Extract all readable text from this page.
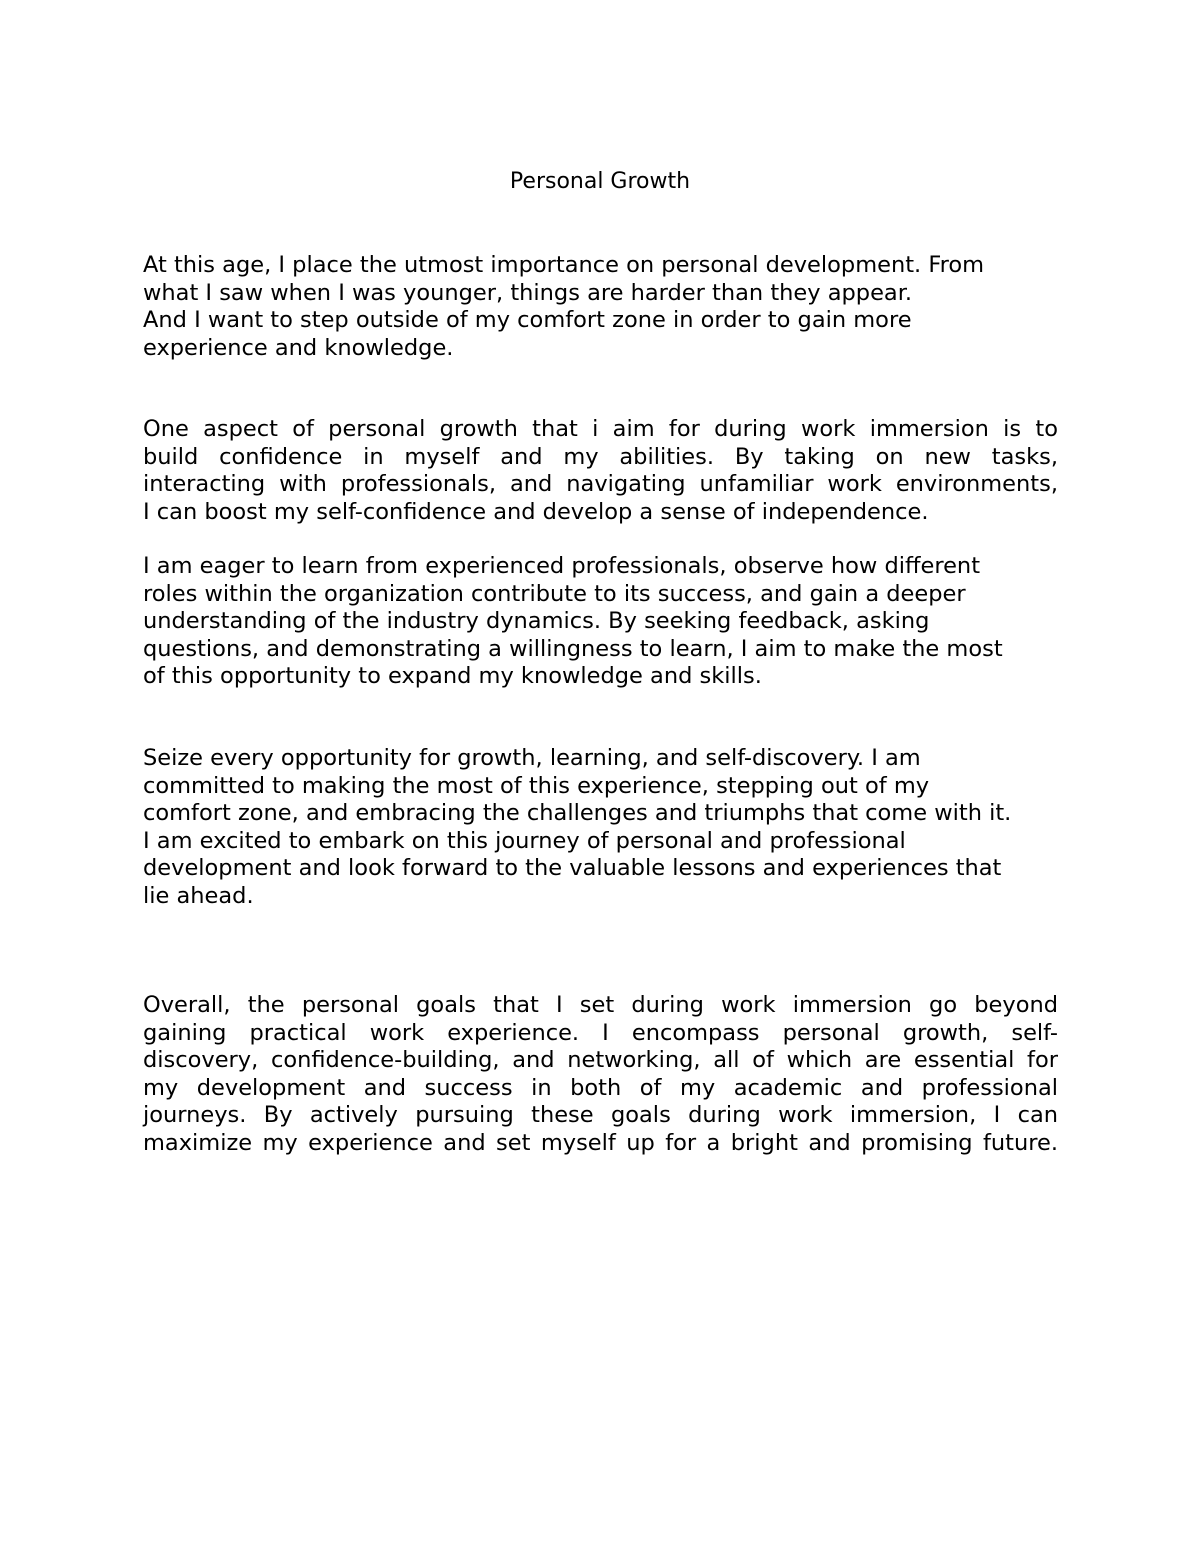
Personal Growth

At this age, I place the utmost importance on personal development. From
what I saw when I was younger, things are harder than they appear.
And I want to step outside of my comfort zone in order to gain more
experience and knowledge.

One aspect of personal growth that i aim for during work immersion is to
build confidence in myself and my abilities. By taking on new tasks,
interacting with professionals, and navigating unfamiliar work environments,
I can boost my self-confidence and develop a sense of independence.

I am eager to learn from experienced professionals, observe how different
roles within the organization contribute to its success, and gain a deeper
understanding of the industry dynamics. By seeking feedback, asking
questions, and demonstrating a willingness to learn, I aim to make the most
of this opportunity to expand my knowledge and skills.

Seize every opportunity for growth, learning, and self-discovery. I am
committed to making the most of this experience, stepping out of my
comfort zone, and embracing the challenges and triumphs that come with it.
I am excited to embark on this journey of personal and professional
development and look forward to the valuable lessons and experiences that
lie ahead.

Overall, the personal goals that I set during work immersion go beyond
gaining practical work experience. I encompass personal growth, self-
discovery, confidence-building, and networking, all of which are essential for
my development and success in both of my academic and professional
journeys. By actively pursuing these goals during work immersion, I can
maximize my experience and set myself up for a bright and promising future.
